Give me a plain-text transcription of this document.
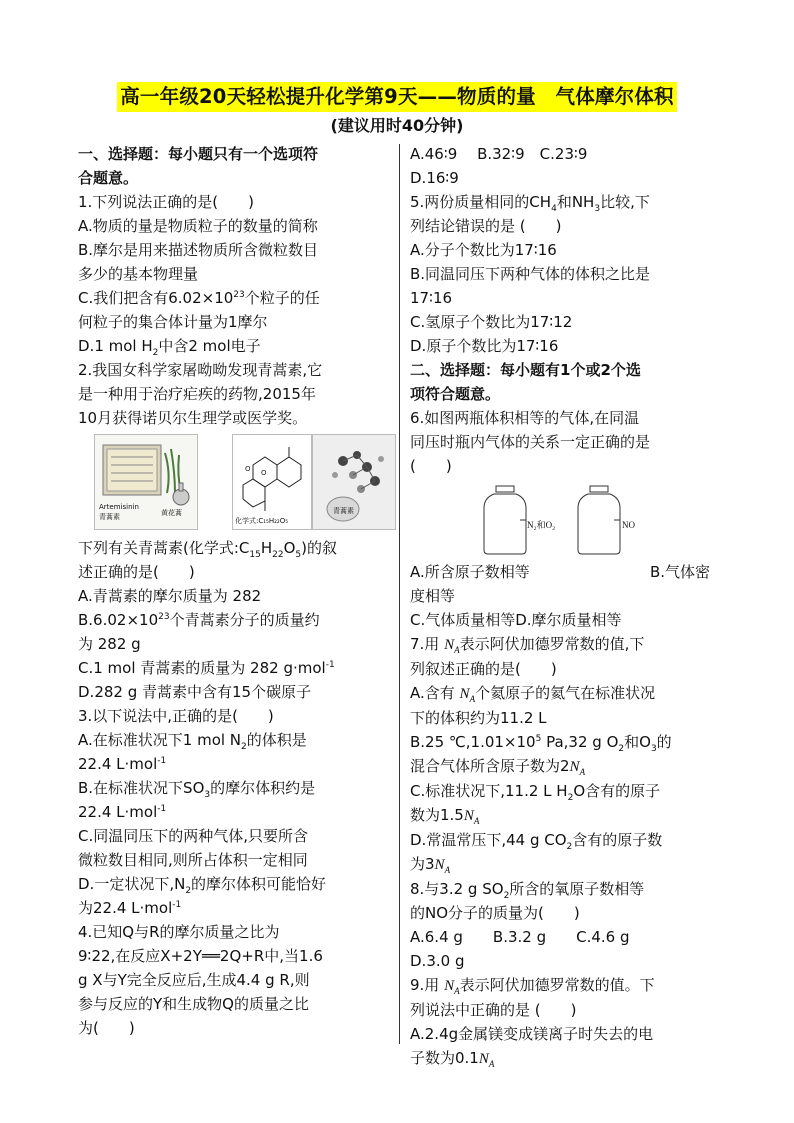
高一年级20天轻松提升化学第9天——物质的量　气体摩尔体积
(建议用时40分钟)
一、选择题：每小题只有一个选项符
合题意。
1.下列说法正确的是(　　)
A.物质的量是物质粒子的数量的简称
B.摩尔是用来描述物质所含微粒数目
多少的基本物理量
C.我们把含有$6.02\times 10^{23}$个粒子的任
何粒子的集合体计量为1摩尔
D.1 mol $H_2$中含2 mol电子
2.我国女科学家屠呦呦发现青蒿素,它
是一种用于治疗疟疾的药物,2015年
10月获得诺贝尔生理学或医学奖。
Artemisinin
青蒿素	黄花蒿
O
O
化学式:C₁₅H₂₂O₅
青蒿素
下列有关青蒿素(化学式$:C_{15}H_{22}O_5$)的叙
述正确的是(　　)
A.青蒿素的摩尔质量为 282
$B.6.02\times 10^{23}$个青蒿素分子的质量约
为 282 g
C.1 mol 青蒿素的质量为 282 g·mol$^{-1}$
D.282 g 青蒿素中含有15个碳原子
3.以下说法中,正确的是(　　)
A.在标准状况下1 mol $N_2$的体积是
22.4 L·mol$^{-1}$
B.在标准状况下$SO_3$的摩尔体积约是
22.4 L·mol$^{-1}$
C.同温同压下的两种气体,只要所含
微粒数目相同,则所占体积一定相同
D.一定状况下$,N_2$的摩尔体积可能恰好
为22.4 L·mol$^{-1}$
4.已知Q与R的摩尔质量之比为
9∶22,在反应X+2Y══2Q+R中,当1.6
g X与Y完全反应后,生成4.4 g R,则
参与反应的Y和生成物Q的质量之比
为(　　)
A.46∶9　 B.32∶9　C.23∶9
D.16∶9
5.两份质量相同的$CH_4$和$NH_3$比较,下
列结论错误的是 (　　)
A.分子个数比为17∶16
B.同温同压下两种气体的体积之比是
17∶16
C.氢原子个数比为17∶12
D.原子个数比为17∶16
二、选择题：每小题有1个或2个选
项符合题意。
6.如图两瓶体积相等的气体,在同温
同压时瓶内气体的关系一定正确的是
(　　)
N₂和O₂	NO
A.所含原子数相等	B.气体密
度相等
C.气体质量相等D.摩尔质量相等
7.用 $N_A$表示阿伏加德罗常数的值,下
列叙述正确的是(　　)
A.含有 $N_A$个氦原子的氦气在标准状况
下的体积约为11.2 L
B.25 $℃,1.01\times 10^5$ Pa,32 g $O_2$和$O_3$的
混合气体所含原子数为$2N_A$
C.标准状况下,11.2 L $H_2O$含有的原子
数为$1.5N_A$
D.常温常压下,44 g $CO_2$含有的原子数
为$3N_A$
8.与3.2 g $SO_2$所含的氧原子数相等
的NO分子的质量为(　　)
A.6.4 g　　B.3.2 g　　C.4.6 g
D.3.0 g
9.用 $N_A$表示阿伏加德罗常数的值。下
列说法中正确的是 (　　)
A.2.4g金属镁变成镁离子时失去的电
子数为$0.1N_A$
